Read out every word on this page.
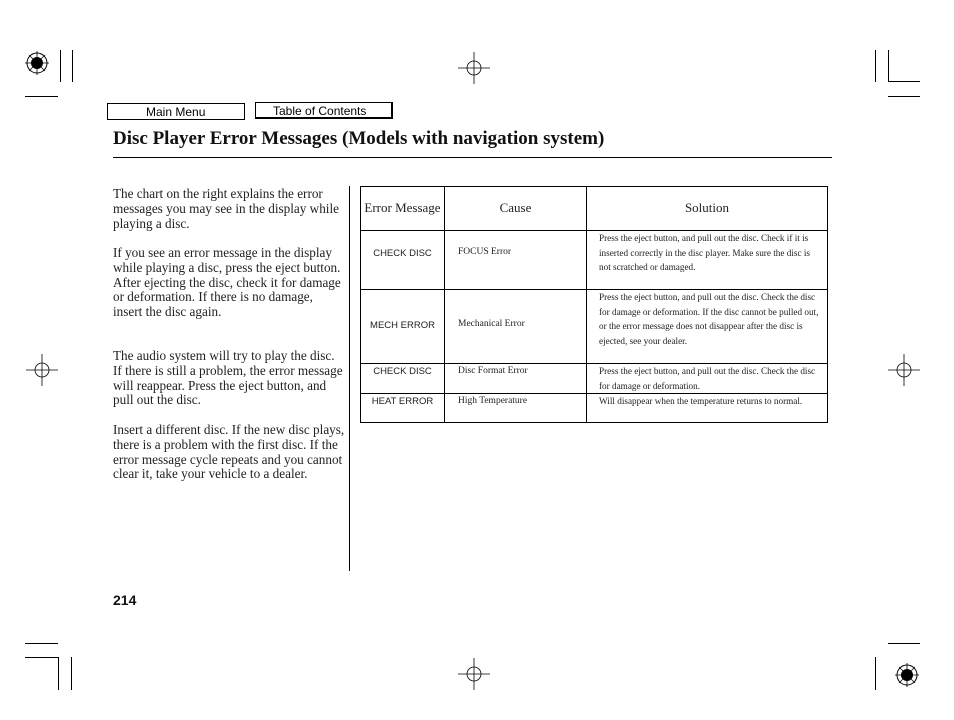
Main Menu	Table of Contents
Disc Player Error Messages (Models with navigation system)
The chart on the right explains the error messages you may see in the display while playing a disc.
If you see an error message in the display while playing a disc, press the eject button. After ejecting the disc, check it for damage or deformation. If there is no damage, insert the disc again.
The audio system will try to play the disc. If there is still a problem, the error message will reappear. Press the eject button, and pull out the disc.
Insert a different disc. If the new disc plays, there is a problem with the first disc. If the error message cycle repeats and you cannot clear it, take your vehicle to a dealer.
Error Message	Cause	Solution
CHECK DISC	FOCUS Error	Press the eject button, and pull out the disc. Check if it is inserted correctly in the disc player. Make sure the disc is not scratched or damaged.
MECH ERROR	Mechanical Error	Press the eject button, and pull out the disc. Check the disc for damage or deformation. If the disc cannot be pulled out, or the error message does not disappear after the disc is ejected, see your dealer.
CHECK DISC	Disc Format Error	Press the eject button, and pull out the disc. Check the disc for damage or deformation.
HEAT ERROR	High Temperature	Will disappear when the temperature returns to normal.
214
